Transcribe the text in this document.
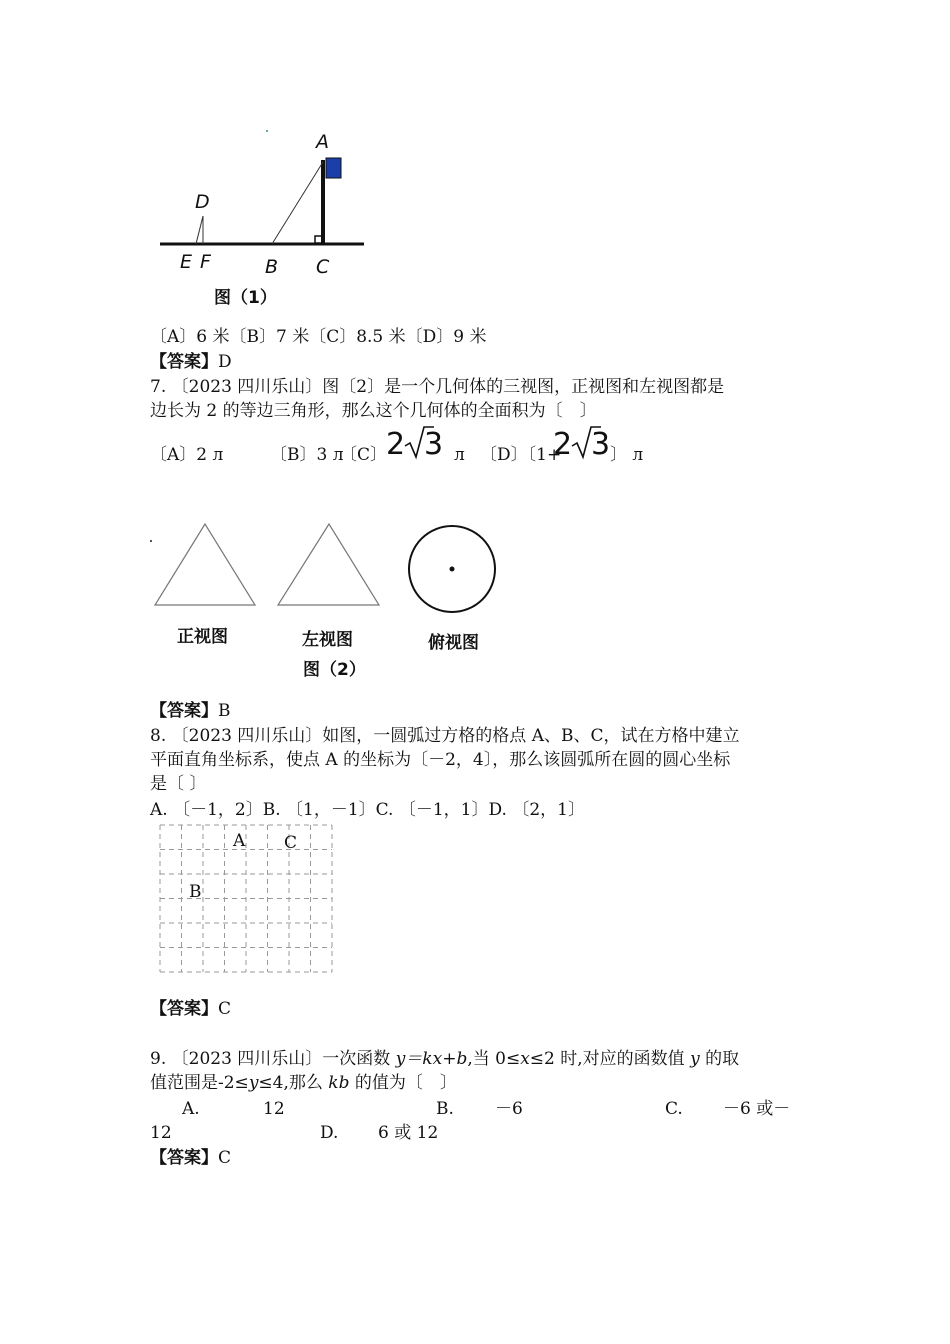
A
D
E F	B C
图（1）
〔A〕6 米〔B〕7 米〔C〕8.5 米〔D〕9 米
【答案】D
7. 〔2023 四川乐山〕图〔2〕是一个几何体的三视图，正视图和左视图都是
边长为 2 的等边三角形，那么这个几何体的全面积为〔　〕
〔A〕2 л	〔B〕3 л
〔C〕
2 3 л 〔D〕〔1+
2 3 〕 л
正视图	左视图	俯视图
图（2）
【答案】B
8. 〔2023 四川乐山〕如图，一圆弧过方格的格点 A、B、C，试在方格中建立
平面直角坐标系，使点 A 的坐标为〔－2，4〕，那么该圆弧所在圆的圆心坐标
是〔 〕
A. 〔－1，2〕B. 〔1，－1〕C. 〔－1，1〕D. 〔2，1〕
A C
B
【答案】C
9. 〔2023 四川乐山〕一次函数 y＝kx+b,当 0≤x≤2 时,对应的函数值 y 的取
值范围是-2≤y≤4,那么 kb 的值为〔　〕
A.	12	B. －6	C. －6 或－
12	D. 6 或 12
【答案】C
